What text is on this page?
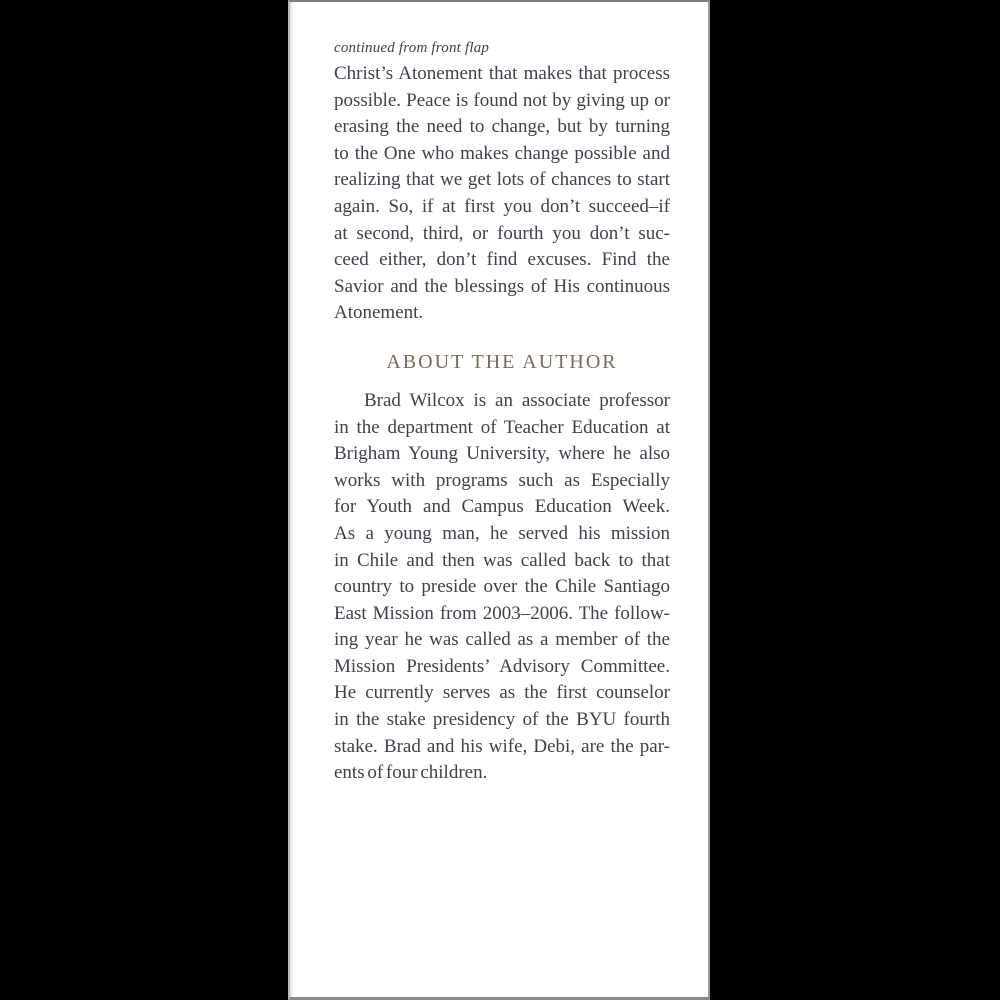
continued from front flap
Christ’s Atonement that makes that process
possible. Peace is found not by giving up or
erasing the need to change, but by turning
to the One who makes change possible and
realizing that we get lots of chances to start
again. So, if at first you don’t succeed–if
at second, third, or fourth you don’t suc-
ceed either, don’t find excuses. Find the
Savior and the blessings of His continuous
Atonement.
ABOUT THE AUTHOR
Brad Wilcox is an associate professor
in the department of Teacher Education at
Brigham Young University, where he also
works with programs such as Especially
for Youth and Campus Education Week.
As a young man, he served his mission
in Chile and then was called back to that
country to preside over the Chile Santiago
East Mission from 2003–2006. The follow-
ing year he was called as a member of the
Mission Presidents’ Advisory Committee.
He currently serves as the first counselor
in the stake presidency of the BYU fourth
stake. Brad and his wife, Debi, are the par-
ents of four children.
